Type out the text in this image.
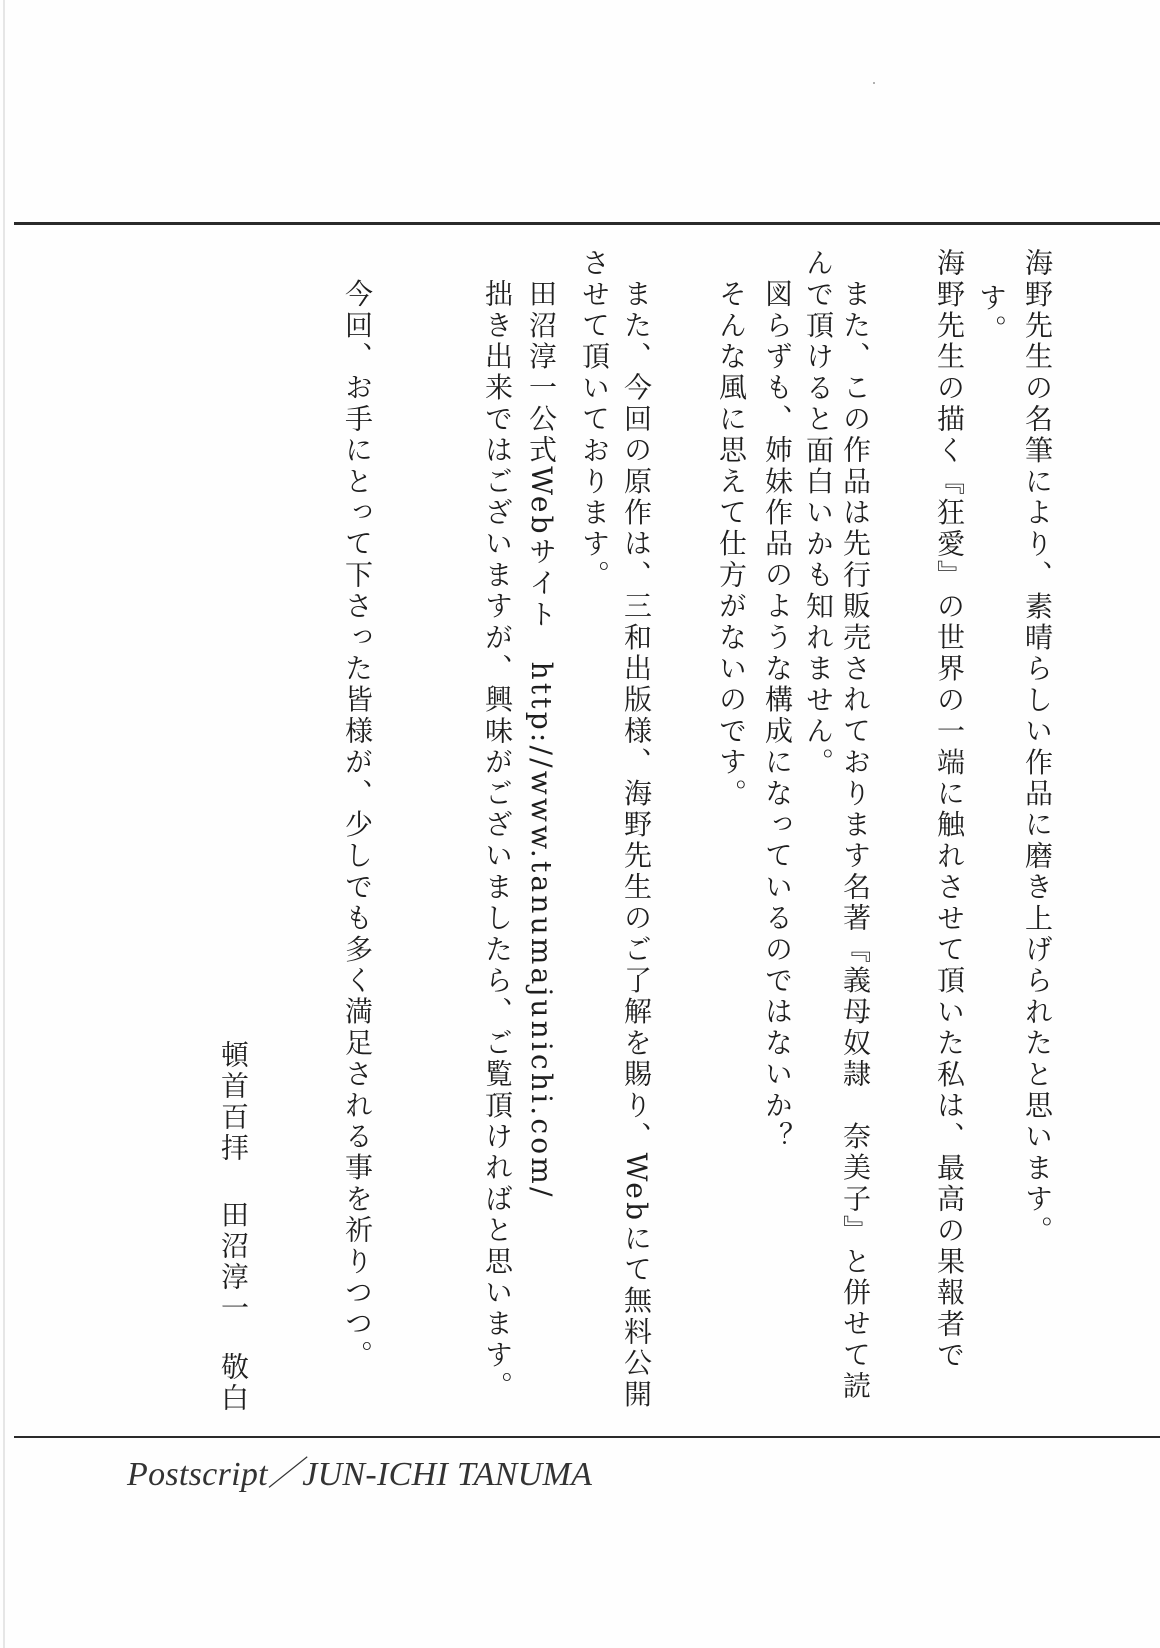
海野先生の名筆により、素晴らしい作品に磨き上げられたと思います。
海野先生の描く『狂愛』の世界の一端に触れさせて頂いた私は、最高の果報者で す。
また、この作品は先行販売されております名著『義母奴隷　奈美子』と併せて読
んで頂けると面白いかも知れません。
図らずも、姉妹作品のような構成になっているのではないか？
そんな風に思えて仕方がないのです。
また、今回の原作は、三和出版様、海野先生のご了解を賜り、Webにて無料公開
させて頂いております。
田沼淳一公式Webサイト　http://www.tanumajunichi.com/
拙き出来ではございますが、興味がございましたら、ご覧頂ければと思います。
今回、お手にとって下さった皆様が、少しでも多く満足される事を祈りつつ。
頓首百拝
田沼淳一
敬白
Postscript／JUN-ICHI TANUMA
